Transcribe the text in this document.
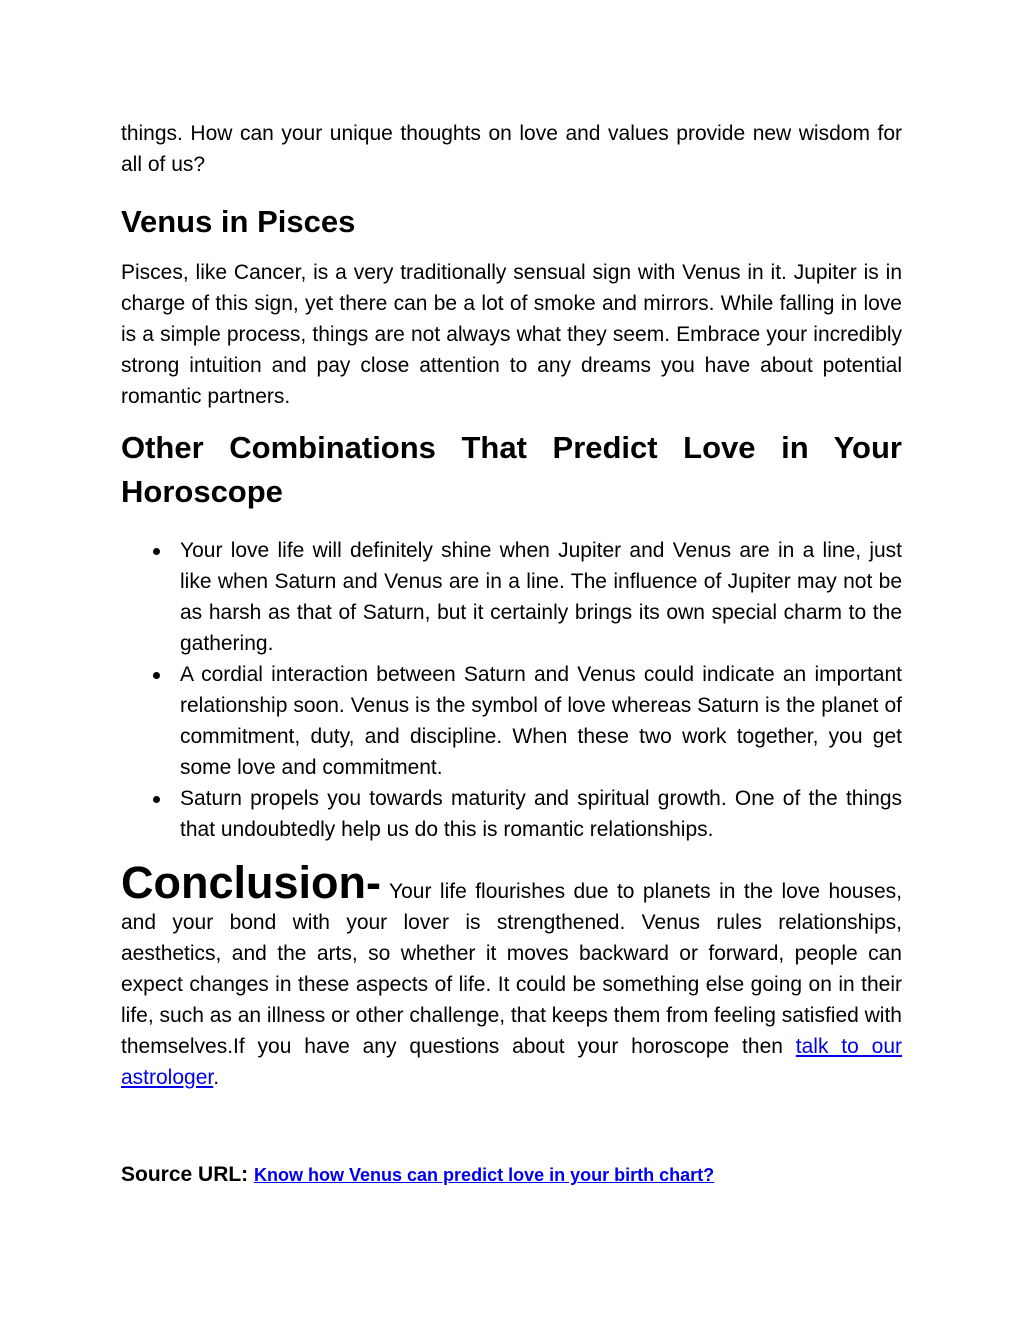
things. How can your unique thoughts on love and values provide new wisdom for all of us?

Venus in Pisces

Pisces, like Cancer, is a very traditionally sensual sign with Venus in it. Jupiter is in charge of this sign, yet there can be a lot of smoke and mirrors. While falling in love is a simple process, things are not always what they seem. Embrace your incredibly strong intuition and pay close attention to any dreams you have about potential romantic partners.

Other Combinations That Predict Love in Your Horoscope
Your love life will definitely shine when Jupiter and Venus are in a line, just like when Saturn and Venus are in a line. The influence of Jupiter may not be as harsh as that of Saturn, but it certainly brings its own special charm to the gathering.
A cordial interaction between Saturn and Venus could indicate an important relationship soon. Venus is the symbol of love whereas Saturn is the planet of commitment, duty, and discipline. When these two work together, you get some love and commitment.
Saturn propels you towards maturity and spiritual growth. One of the things that undoubtedly help us do this is romantic relationships.

Conclusion- Your life flourishes due to planets in the love houses, and your bond with your lover is strengthened. Venus rules relationships, aesthetics, and the arts, so whether it moves backward or forward, people can expect changes in these aspects of life. It could be something else going on in their life, such as an illness or other challenge, that keeps them from feeling satisfied with themselves.If you have any questions about your horoscope then talk to our astrologer.

Source URL: Know how Venus can predict love in your birth chart?
